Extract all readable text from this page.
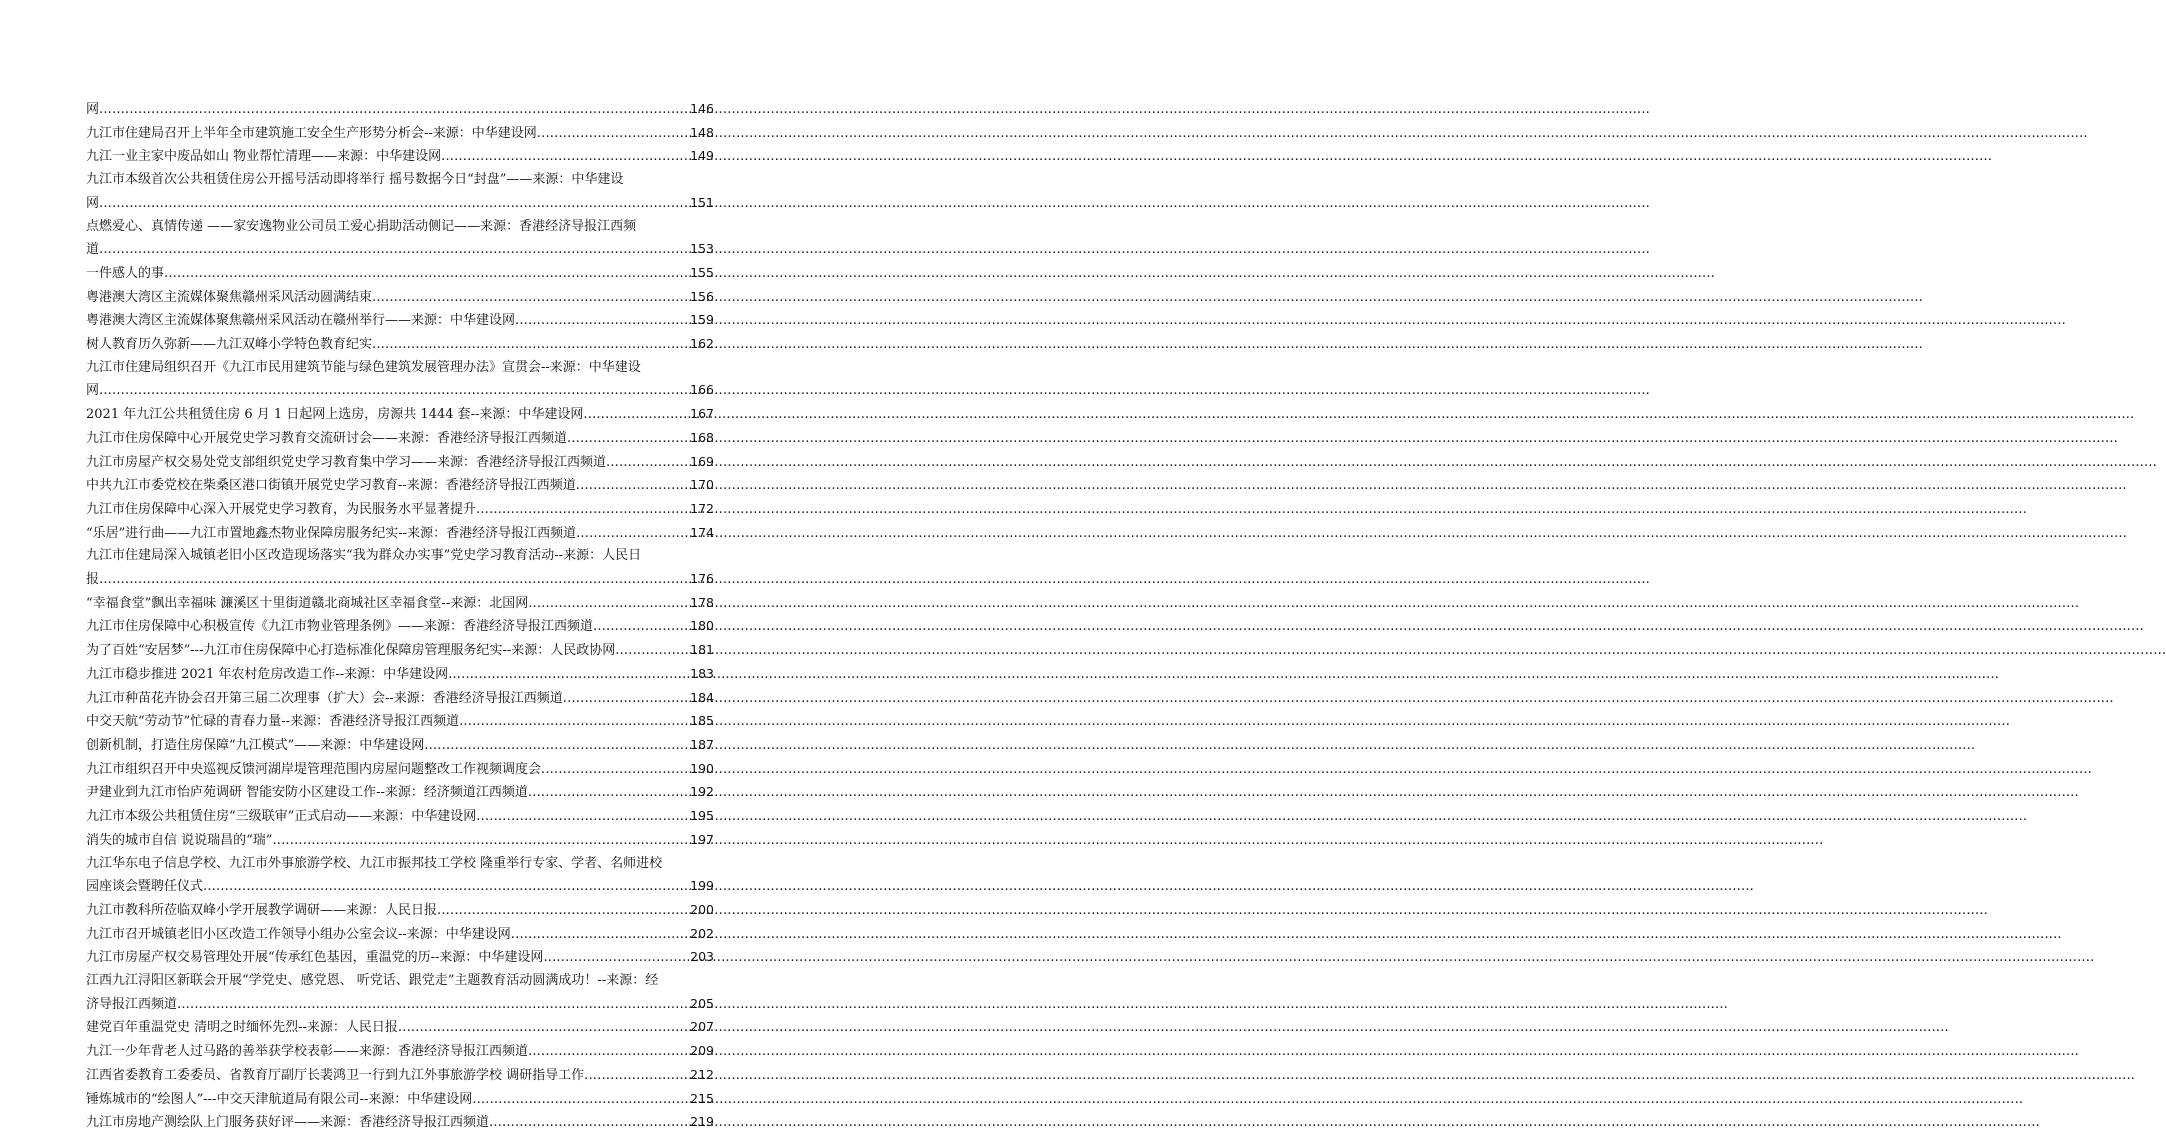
网 .....	146
九江市住建局召开上半年全市建筑施工安全生产形势分析会--来源：中华建设网 .....	148
九江一业主家中废品如山 物业帮忙清理——来源：中华建设网 .....	149
九江市本级首次公共租赁住房公开摇号活动即将举行 摇号数据今日“封盘”——来源：中华建设
网 .....	151
点燃爱心、真情传递 ——家安逸物业公司员工爱心捐助活动侧记——来源：香港经济导报江西频
道 .....	153
一件感人的事 .....	155
粤港澳大湾区主流媒体聚焦赣州采风活动圆满结束 .....	156
粤港澳大湾区主流媒体聚焦赣州采风活动在赣州举行——来源：中华建设网 .....	159
树人教育历久弥新——九江双峰小学特色教育纪实 .....	162
九江市住建局组织召开《九江市民用建筑节能与绿色建筑发展管理办法》宣贯会--来源：中华建设
网 .....	166
2021 年九江公共租赁住房 6 月 1 日起网上选房，房源共 1444 套--来源：中华建设网 .....	167
九江市住房保障中心开展党史学习教育交流研讨会——来源：香港经济导报江西频道 .....	168
九江市房屋产权交易处党支部组织党史学习教育集中学习——来源：香港经济导报江西频道 .....	169
中共九江市委党校在柴桑区港口街镇开展党史学习教育--来源：香港经济导报江西频道 .....	170
九江市住房保障中心深入开展党史学习教育，为民服务水平显著提升 .....	172
“乐居”进行曲——九江市置地鑫杰物业保障房服务纪实--来源：香港经济导报江西频道 .....	174
九江市住建局深入城镇老旧小区改造现场落实“我为群众办实事”党史学习教育活动--来源：人民日
报 .....	176
“幸福食堂”飘出幸福味 濂溪区十里街道赣北商城社区幸福食堂--来源：北国网 .....	178
九江市住房保障中心积极宣传《九江市物业管理条例》——来源：香港经济导报江西频道 .....	180
为了百姓“安居梦”---九江市住房保障中心打造标准化保障房管理服务纪实--来源：人民政协网 .....	181
九江市稳步推进 2021 年农村危房改造工作--来源：中华建设网 .....	183
九江市种苗花卉协会召开第三届二次理事（扩大）会--来源：香港经济导报江西频道 .....	184
中交天航“劳动节”忙碌的青春力量--来源：香港经济导报江西频道 .....	185
创新机制，打造住房保障“九江模式”——来源：中华建设网 .....	187
九江市组织召开中央巡视反馈河湖岸堤管理范围内房屋问题整改工作视频调度会 .....	190
尹建业到九江市怡庐苑调研 智能安防小区建设工作--来源：经济频道江西频道 .....	192
九江市本级公共租赁住房“三级联审”正式启动——来源：中华建设网 .....	195
消失的城市自信 说说瑞昌的“瑞” .....	197
九江华东电子信息学校、九江市外事旅游学校、九江市振邦技工学校 隆重举行专家、学者、名师进校
园座谈会暨聘任仪式 .....	199
九江市教科所莅临双峰小学开展教学调研——来源：人民日报 .....	200
九江市召开城镇老旧小区改造工作领导小组办公室会议--来源：中华建设网 .....	202
九江市房屋产权交易管理处开展“传承红色基因，重温党的历--来源：中华建设网 .....	203
江西九江浔阳区新联会开展“学党史、感党恩、 听党话、跟党走”主题教育活动圆满成功！--来源：经
济导报江西频道 .....	205
建党百年重温党史 清明之时缅怀先烈--来源：人民日报 .....	207
九江一少年背老人过马路的善举获学校表彰——来源：香港经济导报江西频道 .....	209
江西省委教育工委委员、省教育厅副厅长裴鸿卫一行到九江外事旅游学校 调研指导工作 .....	212
锤炼城市的“绘图人”---中交天津航道局有限公司--来源：中华建设网 .....	215
九江市房地产测绘队上门服务获好评——来源：香港经济导报江西频道 .....	219
